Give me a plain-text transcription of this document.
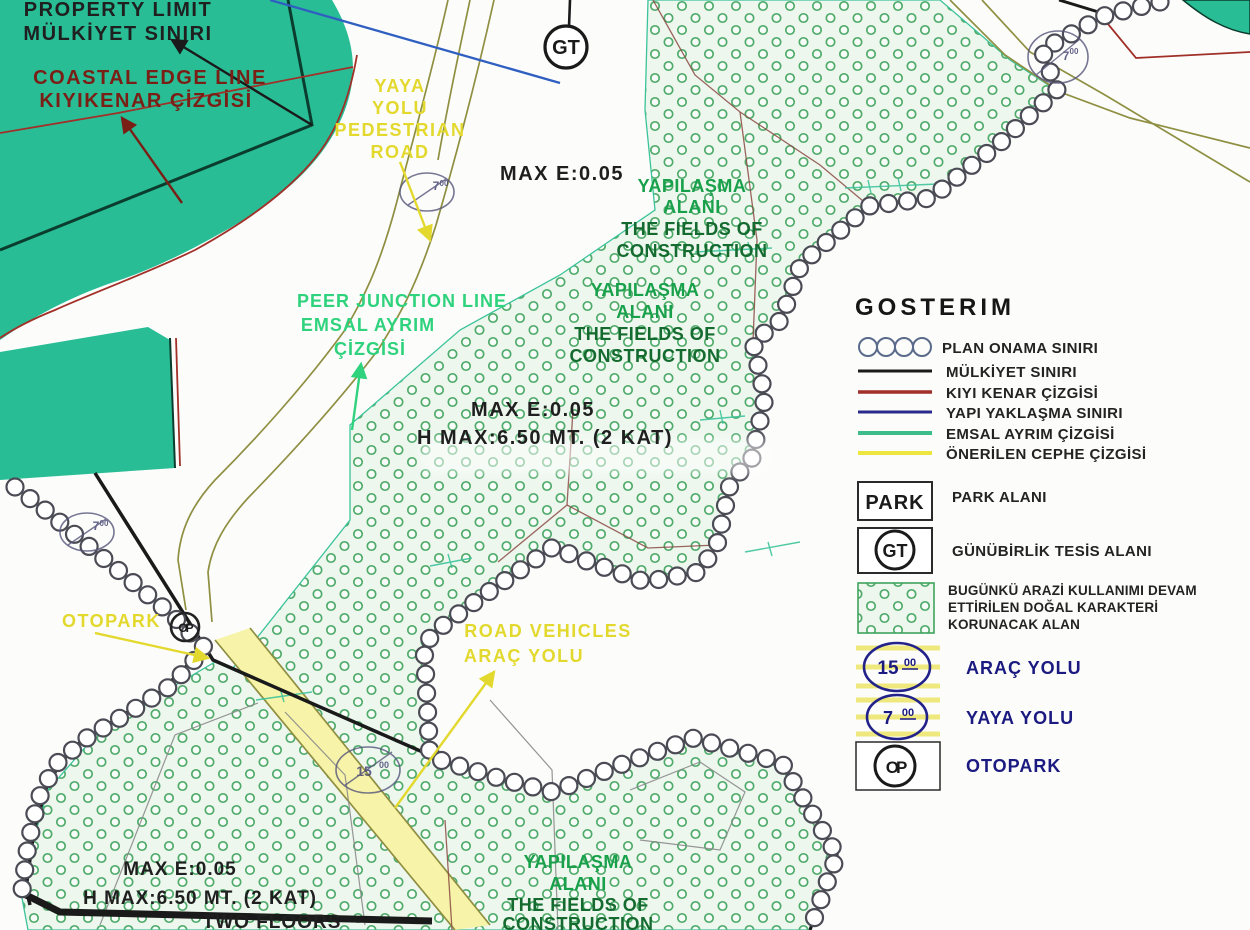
GT
OP
7 00
7 00
7 00
15 00
PROPERTY LIMIT
MÜLKİYET SINIRI
COASTAL EDGE LINE
KIYIKENAR ÇİZGİSİ
YAYA
YOLU
PEDESTRIAN
ROAD
MAX E:0.05
YAPILAŞMA
ALANI
THE FIELDS OF
CONSTRUCTION
YAPILAŞMA
ALANI
THE FIELDS OF
CONSTRUCTION
PEER JUNCTION LINE
EMSAL AYRIM
ÇİZGİSİ
MAX E:0.05
H MAX:6.50 MT. (2 KAT)
OTOPARK	ROAD VEHICLES
ARAÇ YOLU
MAX E:0.05
H MAX:6.50 MT. (2 KAT)
TWO FLOORS
YAPILAŞMA
ALANI
THE FIELDS OF
CONSTRUCTION
GOSTERIM
PLAN ONAMA SINIRI
MÜLKİYET SINIRI
KIYI KENAR ÇİZGİSİ
YAPI YAKLAŞMA SINIRI
EMSAL AYRIM ÇİZGİSİ
ÖNERİLEN CEPHE ÇİZGİSİ
PARK PARK ALANI
GT	GÜNÜBİRLİK TESİS ALANI
BUGÜNKÜ ARAZİ KULLANIMI DEVAM
ETTİRİLEN DOĞAL KARAKTERİ
KORUNACAK ALAN
15 00	ARAÇ YOLU
7 00	YAYA YOLU
OP	OTOPARK
